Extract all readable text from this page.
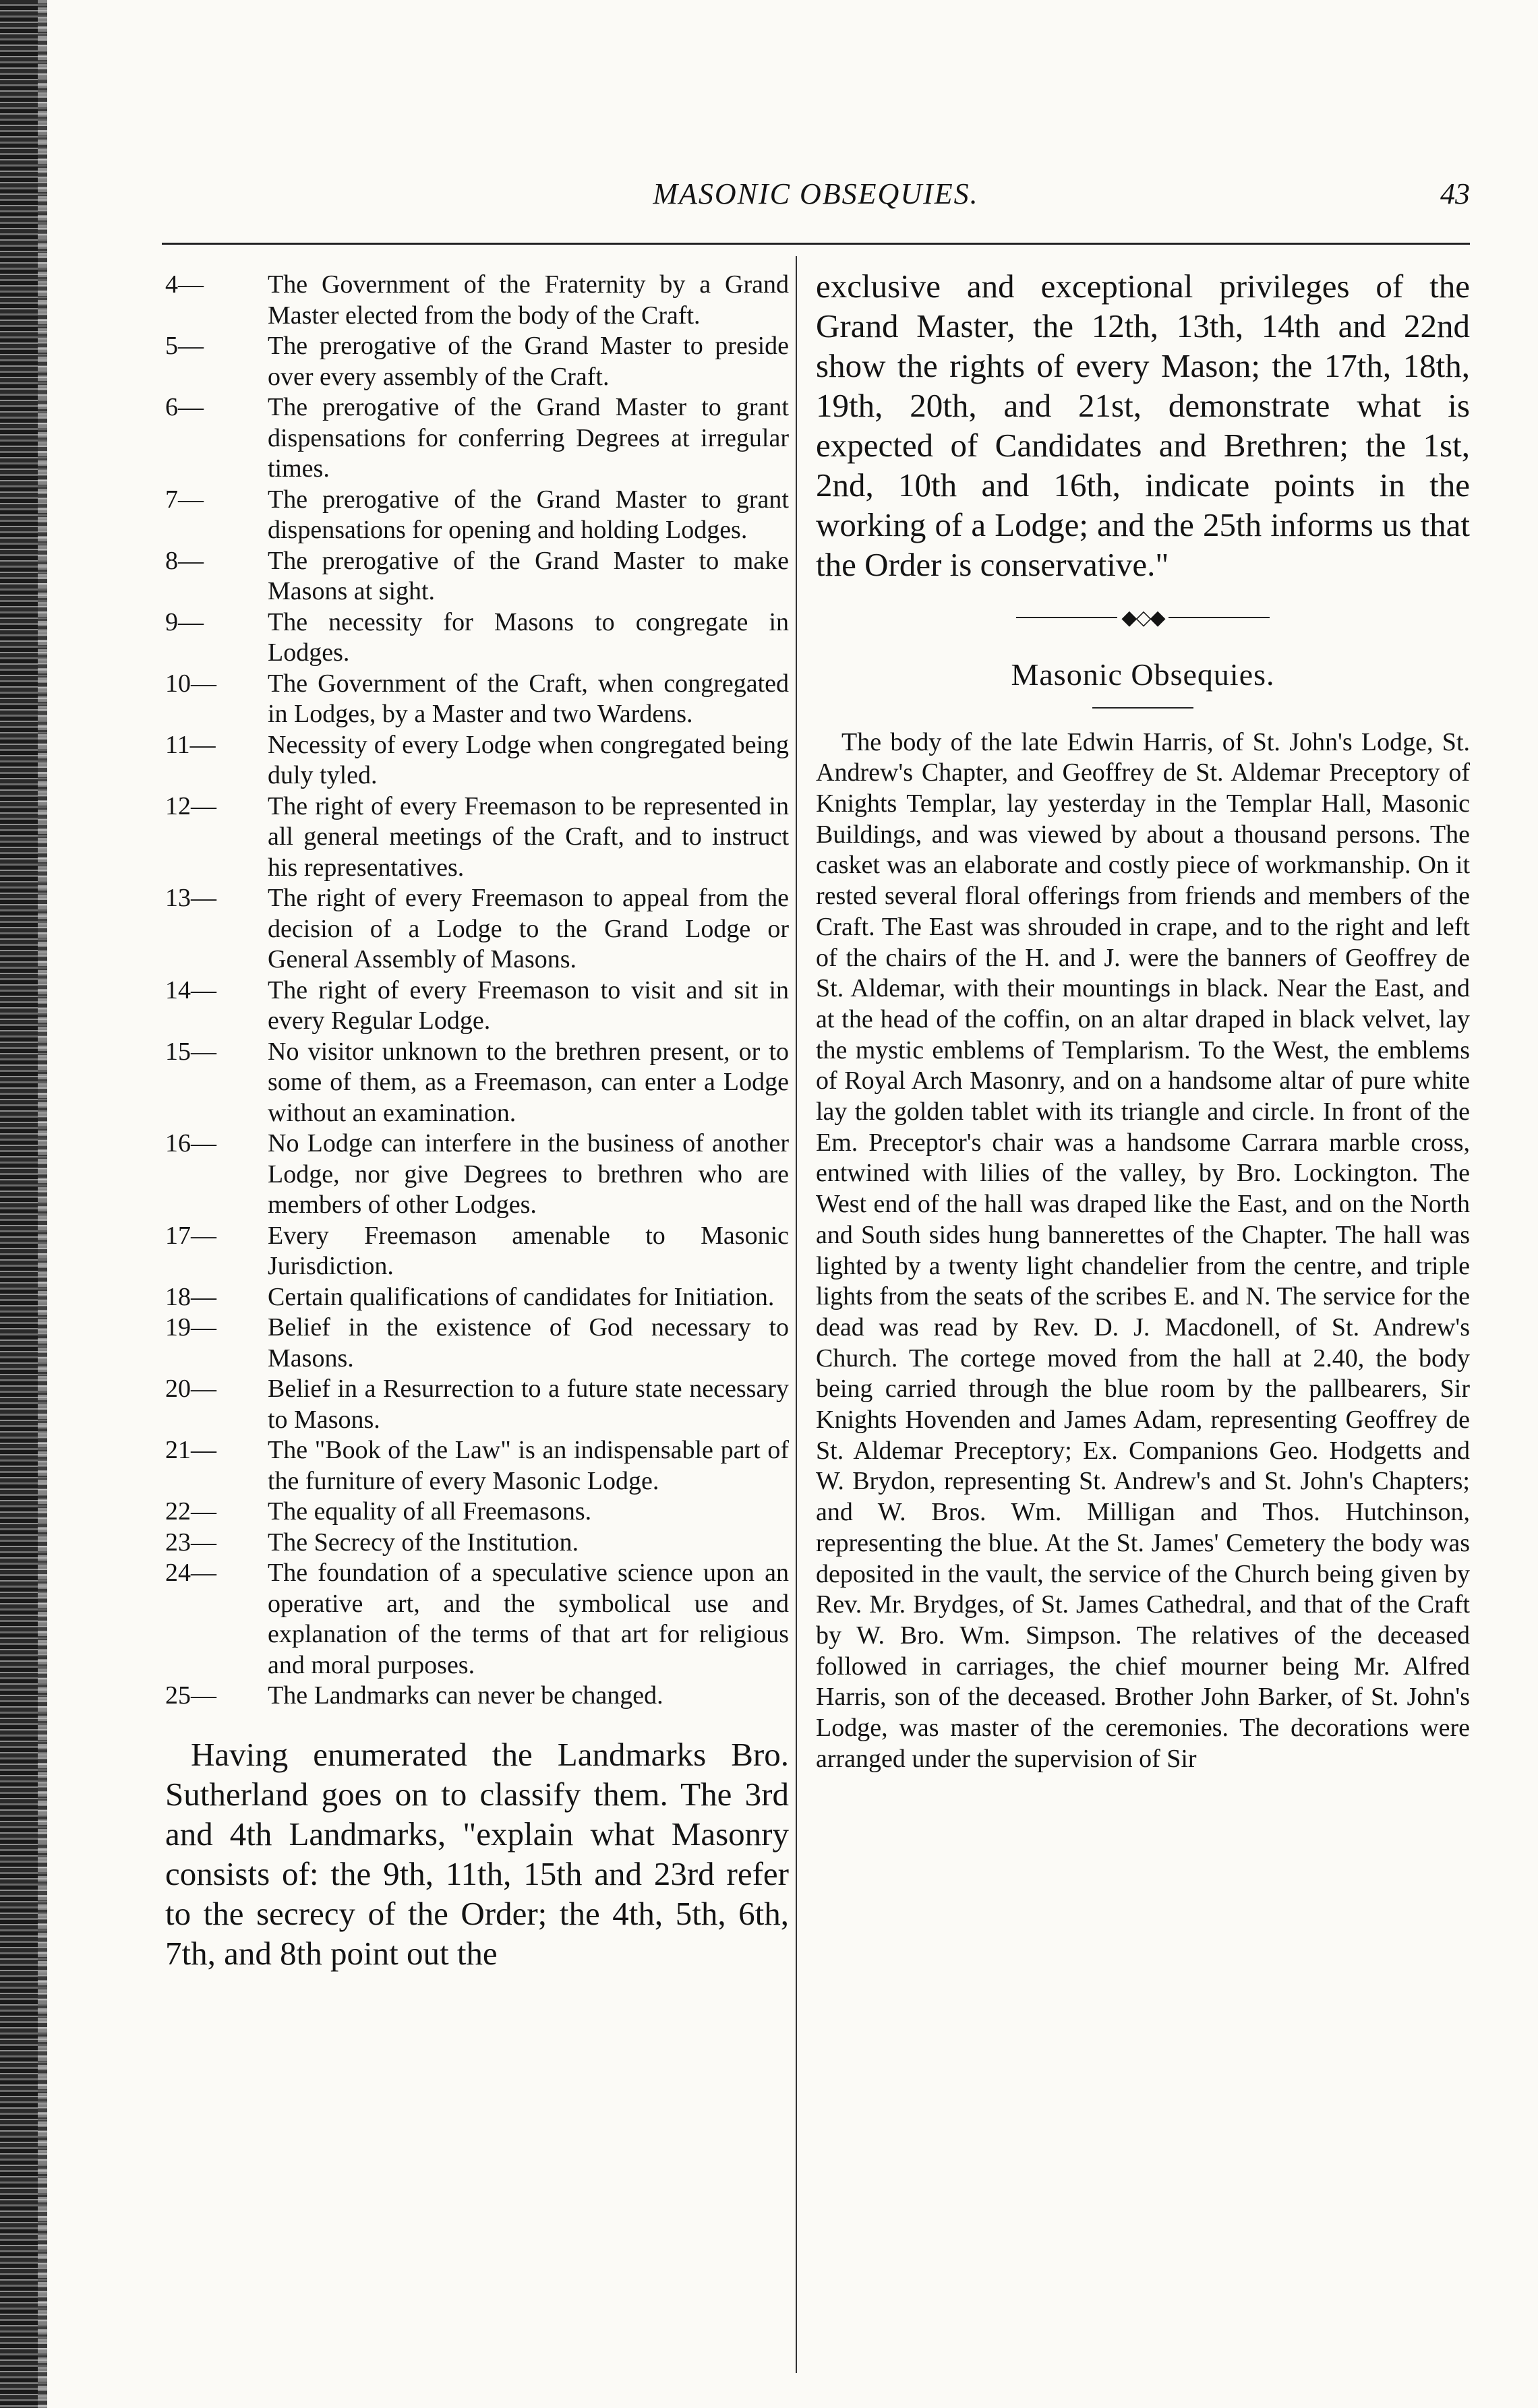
MASONIC OBSEQUIES.	43
4—	The Government of the Fraternity by a Grand Master elected from the body of the Craft.
5—	The prerogative of the Grand Master to preside over every assembly of the Craft.
6—	The prerogative of the Grand Master to grant dispensations for conferring Degrees at irregular times.
7—	The prerogative of the Grand Master to grant dispensations for opening and holding Lodges.
8—	The prerogative of the Grand Master to make Masons at sight.
9—	The necessity for Masons to congregate in Lodges.
10— The Government of the Craft, when congregated in Lodges, by a Master and two Wardens.
11— Necessity of every Lodge when congregated being duly tyled.
12— The right of every Freemason to be represented in all general meetings of the Craft, and to instruct his representatives.
13— The right of every Freemason to appeal from the decision of a Lodge to the Grand Lodge or General Assembly of Masons.
14— The right of every Freemason to visit and sit in every Regular Lodge.
15— No visitor unknown to the brethren present, or to some of them, as a Freemason, can enter a Lodge without an examination.
16— No Lodge can interfere in the business of another Lodge, nor give Degrees to brethren who are members of other Lodges.
17— Every Freemason amenable to Masonic Jurisdiction.
18— Certain qualifications of candidates for Initiation.
19— Belief in the existence of God necessary to Masons.
20— Belief in a Resurrection to a future state necessary to Masons.
21— The "Book of the Law" is an indispensable part of the furniture of every Masonic Lodge.
22— The equality of all Freemasons.
23— The Secrecy of the Institution.
24— The foundation of a speculative science upon an operative art, and the symbolical use and explanation of the terms of that art for religious and moral purposes.
25— The Landmarks can never be changed.

Having enumerated the Landmarks Bro. Sutherland goes on to classify them. The 3rd and 4th Landmarks, "explain what Masonry consists of: the 9th, 11th, 15th and 23rd refer to the secrecy of the Order; the 4th, 5th, 6th, 7th, and 8th point out the

exclusive and exceptional privileges of the Grand Master, the 12th, 13th, 14th and 22nd show the rights of every Mason; the 17th, 18th, 19th, 20th, and 21st, demonstrate what is expected of Candidates and Brethren; the 1st, 2nd, 10th and 16th, indicate points in the working of a Lodge; and the 25th informs us that the Order is conservative."

◆◇◆
Masonic Obsequies.

The body of the late Edwin Harris, of St. John's Lodge, St. Andrew's Chapter, and Geoffrey de St. Aldemar Preceptory of Knights Templar, lay yesterday in the Templar Hall, Masonic Buildings, and was viewed by about a thousand persons. The casket was an elaborate and costly piece of workmanship. On it rested several floral offerings from friends and members of the Craft. The East was shrouded in crape, and to the right and left of the chairs of the H. and J. were the banners of Geoffrey de St. Aldemar, with their mountings in black. Near the East, and at the head of the coffin, on an altar draped in black velvet, lay the mystic emblems of Templarism. To the West, the emblems of Royal Arch Masonry, and on a handsome altar of pure white lay the golden tablet with its triangle and circle. In front of the Em. Preceptor's chair was a handsome Carrara marble cross, entwined with lilies of the valley, by Bro. Lockington. The West end of the hall was draped like the East, and on the North and South sides hung bannerettes of the Chapter. The hall was lighted by a twenty light chandelier from the centre, and triple lights from the seats of the scribes E. and N. The service for the dead was read by Rev. D. J. Macdonell, of St. Andrew's Church. The cortege moved from the hall at 2.40, the body being carried through the blue room by the pallbearers, Sir Knights Hovenden and James Adam, representing Geoffrey de St. Aldemar Preceptory; Ex. Companions Geo. Hodgetts and W. Brydon, representing St. Andrew's and St. John's Chapters; and W. Bros. Wm. Milligan and Thos. Hutchinson, representing the blue. At the St. James' Cemetery the body was deposited in the vault, the service of the Church being given by Rev. Mr. Brydges, of St. James Cathedral, and that of the Craft by W. Bro. Wm. Simpson. The relatives of the deceased followed in carriages, the chief mourner being Mr. Alfred Harris, son of the deceased. Brother John Barker, of St. John's Lodge, was master of the ceremonies. The decorations were arranged under the supervision of Sir
